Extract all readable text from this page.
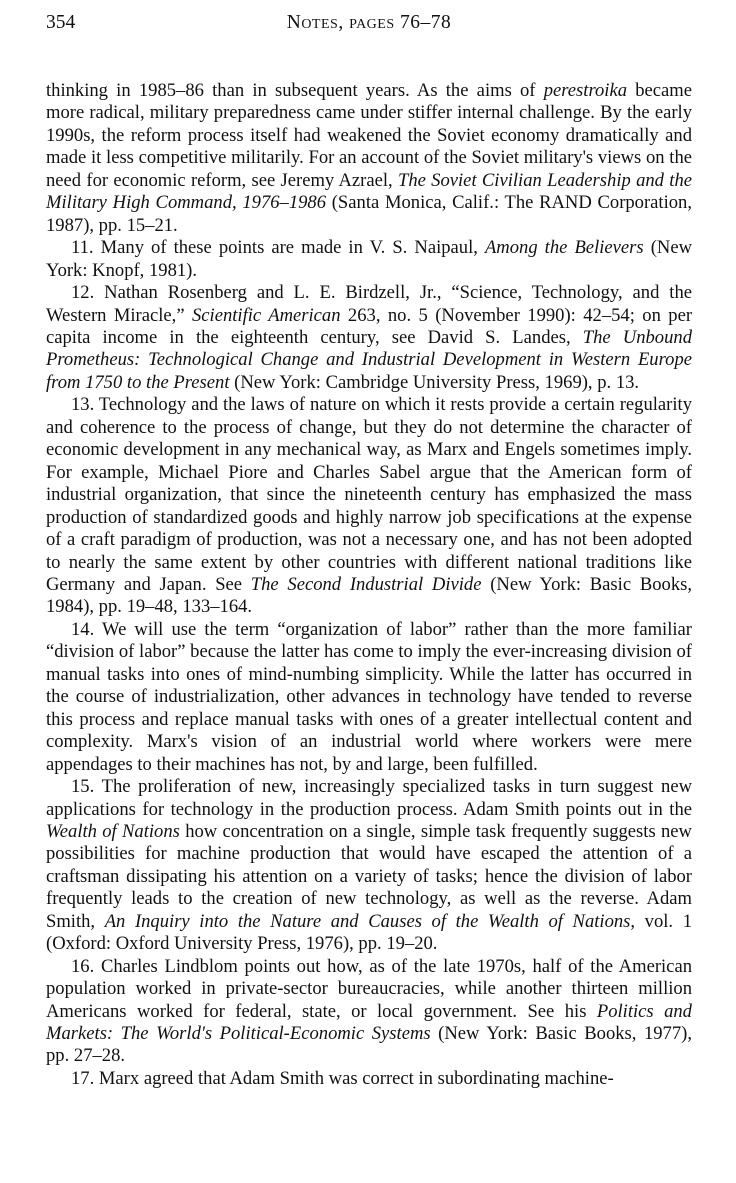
354	Notes, pages 76–78

thinking in 1985–86 than in subsequent years. As the aims of perestroika became more radical, military preparedness came under stiffer internal challenge. By the early 1990s, the reform process itself had weakened the Soviet economy dramatically and made it less competitive militarily. For an account of the Soviet military's views on the need for economic reform, see Jeremy Azrael, The Soviet Civilian Leadership and the Military High Command, 1976–1986 (Santa Monica, Calif.: The RAND Corporation, 1987), pp. 15–21.

11. Many of these points are made in V. S. Naipaul, Among the Believers (New York: Knopf, 1981).

12. Nathan Rosenberg and L. E. Birdzell, Jr., “Science, Technology, and the Western Miracle,” Scientific American 263, no. 5 (November 1990): 42–54; on per capita income in the eighteenth century, see David S. Landes, The Unbound Prometheus: Technological Change and Industrial Development in Western Europe from 1750 to the Present (New York: Cambridge University Press, 1969), p. 13.

13. Technology and the laws of nature on which it rests provide a certain regularity and coherence to the process of change, but they do not determine the character of economic development in any mechanical way, as Marx and Engels sometimes imply. For example, Michael Piore and Charles Sabel argue that the American form of industrial organization, that since the nineteenth century has emphasized the mass production of standardized goods and highly narrow job specifications at the expense of a craft paradigm of production, was not a necessary one, and has not been adopted to nearly the same extent by other countries with different national traditions like Germany and Japan. See The Second Industrial Divide (New York: Basic Books, 1984), pp. 19–48, 133–164.

14. We will use the term “organization of labor” rather than the more familiar “division of labor” because the latter has come to imply the ever-increasing division of manual tasks into ones of mind-numbing simplicity. While the latter has occurred in the course of industrialization, other advances in technology have tended to reverse this process and replace manual tasks with ones of a greater intellectual content and complexity. Marx's vision of an industrial world where workers were mere appendages to their machines has not, by and large, been fulfilled.

15. The proliferation of new, increasingly specialized tasks in turn suggest new applications for technology in the production process. Adam Smith points out in the Wealth of Nations how concentration on a single, simple task frequently suggests new possibilities for machine production that would have escaped the attention of a craftsman dissipating his attention on a variety of tasks; hence the division of labor frequently leads to the creation of new technology, as well as the reverse. Adam Smith, An Inquiry into the Nature and Causes of the Wealth of Nations, vol. 1 (Oxford: Oxford University Press, 1976), pp. 19–20.

16. Charles Lindblom points out how, as of the late 1970s, half of the American population worked in private-sector bureaucracies, while another thirteen million Americans worked for federal, state, or local government. See his Politics and Markets: The World's Political-Economic Systems (New York: Basic Books, 1977), pp. 27–28.

17. Marx agreed that Adam Smith was correct in subordinating machine-
